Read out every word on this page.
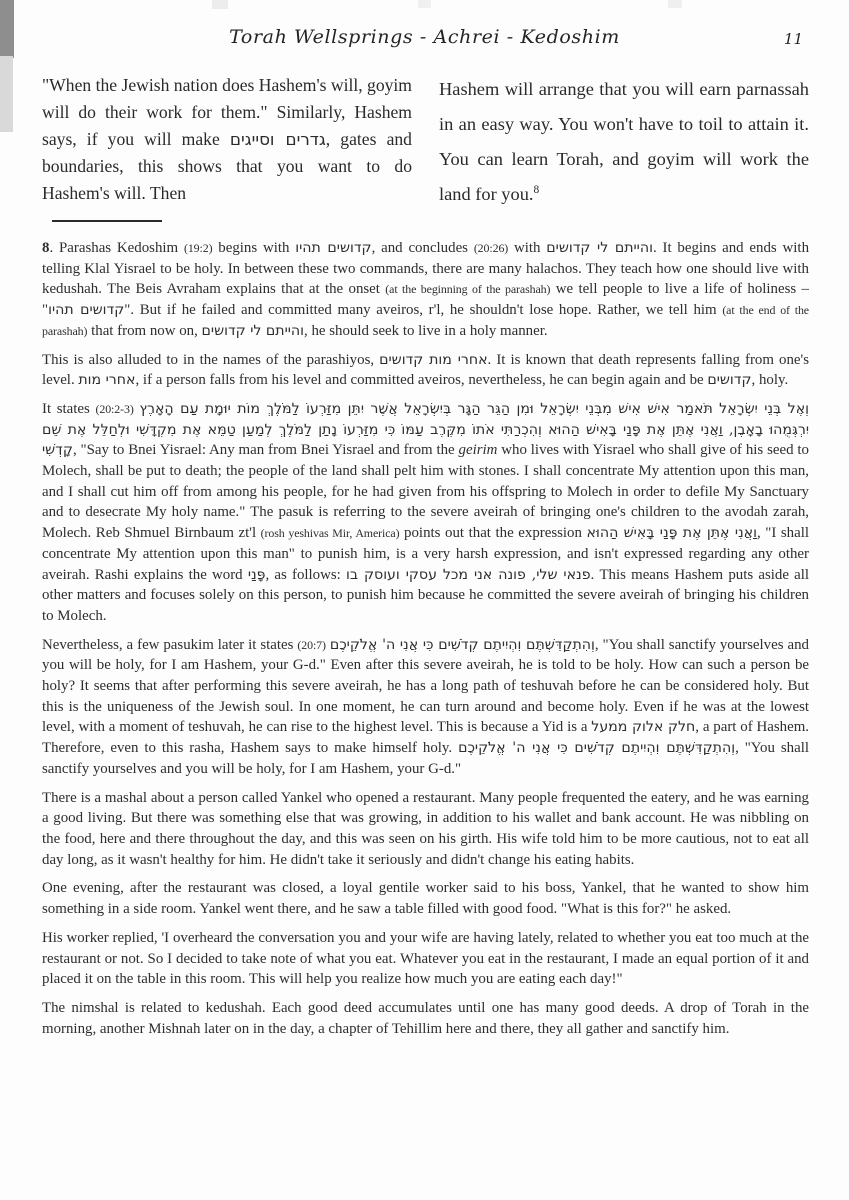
Torah Wellsprings - Achrei - Kedoshim	11

"When the Jewish nation does Hashem's will, goyim will do their work for them." Similarly, Hashem says, if you will make גדרים וסייגים, gates and boundaries, this shows that you want to do Hashem's will. Then

Hashem will arrange that you will earn parnassah in an easy way. You won't have to toil to attain it. You can learn Torah, and goyim will work the land for you.$^8$

8. Parashas Kedoshim (19:2) begins with קדושים תהיו, and concludes (20:26) with והייתם לי קדושים. It begins and ends with telling Klal Yisrael to be holy. In between these two commands, there are many halachos. They teach how one should live with kedushah. The Beis Avraham explains that at the onset (at the beginning of the parashah) we tell people to live a life of holiness – "קדושים תהיו". But if he failed and committed many aveiros, r'l, he shouldn't lose hope. Rather, we tell him (at the end of the parashah) that from now on, והייתם לי קדושים, he should seek to live in a holy manner.

This is also alluded to in the names of the parashiyos, אחרי מות קדושים. It is known that death represents falling from one's level. אחרי מות, if a person falls from his level and committed aveiros, nevertheless, he can begin again and be קדושים, holy.

It states (20:2-3) וְאֶל בְּנֵי יִשְׂרָאֵל תֹּאמַר אִישׁ אִישׁ מִבְּנֵי יִשְׂרָאֵל וּמִן הַגֵּר הַגָּר בְּיִשְׂרָאֵל אֲשֶׁר יִתֵּן מִזַּרְעוֹ לַמֹּלֶךְ מוֹת יוּמָת עַם הָאָרֶץ יִרְגְּמֻהוּ בָאָבֶן, וַאֲנִי אֶתֵּן אֶת פָּנַי בָּאִישׁ הַהוּא וְהִכְרַתִּי אֹתוֹ מִקֶּרֶב עַמּוֹ כִּי מִזַּרְעוֹ נָתַן לַמֹּלֶךְ לְמַעַן טַמֵּא אֶת מִקְדָּשִׁי וּלְחַלֵּל אֶת שֵׁם קָדְשִׁי, "Say to Bnei Yisrael: Any man from Bnei Yisrael and from the geirim who lives with Yisrael who shall give of his seed to Molech, shall be put to death; the people of the land shall pelt him with stones. I shall concentrate My attention upon this man, and I shall cut him off from among his people, for he had given from his offspring to Molech in order to defile My Sanctuary and to desecrate My holy name." The pasuk is referring to the severe aveirah of bringing one's children to the avodah zarah, Molech. Reb Shmuel Birnbaum zt'l (rosh yeshivas Mir, America) points out that the expression וַאֲנִי אֶתֵּן אֶת פָּנַי בָּאִישׁ הַהוּא, "I shall concentrate My attention upon this man" to punish him, is a very harsh expression, and isn't expressed regarding any other aveirah. Rashi explains the word פָּנַי, as follows: פנאי שלי, פונה אני מכל עסקי ועוסק בו. This means Hashem puts aside all other matters and focuses solely on this person, to punish him because he committed the severe aveirah of bringing his children to Molech.

Nevertheless, a few pasukim later it states (20:7) וְהִתְקַדִּשְׁתֶּם וִהְיִיתֶם קְדֹשִׁים כִּי אֲנִי ה' אֱלֹקֵיכֶם, "You shall sanctify yourselves and you will be holy, for I am Hashem, your G-d." Even after this severe aveirah, he is told to be holy. How can such a person be holy? It seems that after performing this severe aveirah, he has a long path of teshuvah before he can be considered holy. But this is the uniqueness of the Jewish soul. In one moment, he can turn around and become holy. Even if he was at the lowest level, with a moment of teshuvah, he can rise to the highest level. This is because a Yid is a חלק אלוק ממעל, a part of Hashem. Therefore, even to this rasha, Hashem says to make himself holy. וְהִתְקַדִּשְׁתֶּם וִהְיִיתֶם קְדֹשִׁים כִּי אֲנִי ה' אֱלֹקֵיכֶם, "You shall sanctify yourselves and you will be holy, for I am Hashem, your G-d."

There is a mashal about a person called Yankel who opened a restaurant. Many people frequented the eatery, and he was earning a good living. But there was something else that was growing, in addition to his wallet and bank account. He was nibbling on the food, here and there throughout the day, and this was seen on his girth. His wife told him to be more cautious, not to eat all day long, as it wasn't healthy for him. He didn't take it seriously and didn't change his eating habits.

One evening, after the restaurant was closed, a loyal gentile worker said to his boss, Yankel, that he wanted to show him something in a side room. Yankel went there, and he saw a table filled with good food. "What is this for?" he asked.

His worker replied, 'I overheard the conversation you and your wife are having lately, related to whether you eat too much at the restaurant or not. So I decided to take note of what you eat. Whatever you eat in the restaurant, I made an equal portion of it and placed it on the table in this room. This will help you realize how much you are eating each day!"

The nimshal is related to kedushah. Each good deed accumulates until one has many good deeds. A drop of Torah in the morning, another Mishnah later on in the day, a chapter of Tehillim here and there, they all gather and sanctify him.
